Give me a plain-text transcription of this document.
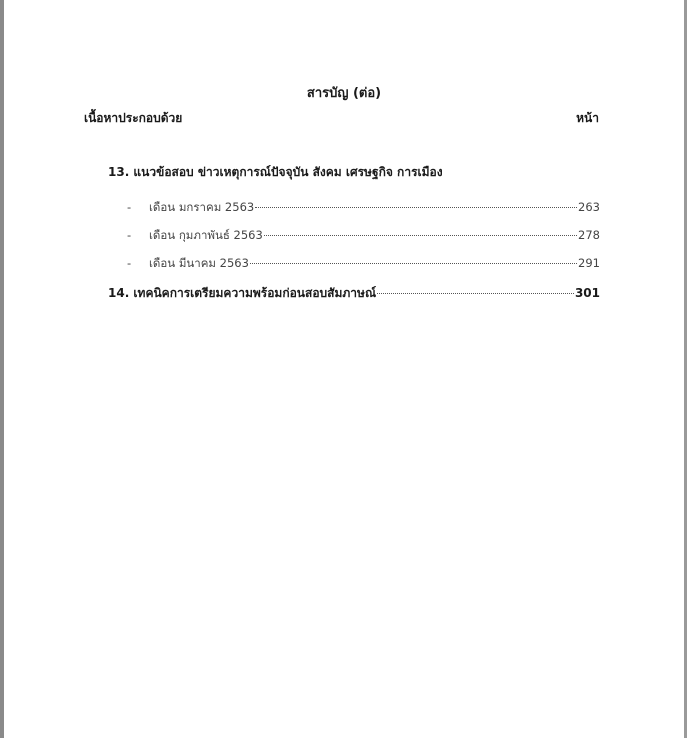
สารบัญ (ต่อ)
เนื้อหาประกอบด้วย	หน้า
13. แนวข้อสอบ ข่าวเหตุการณ์ปัจจุบัน สังคม เศรษฐกิจ การเมือง
-	เดือน มกราคม 2563	263
-	เดือน กุมภาพันธ์ 2563	278
-	เดือน มีนาคม 2563	291
14. เทคนิคการเตรียมความพร้อมก่อนสอบสัมภาษณ์	301
